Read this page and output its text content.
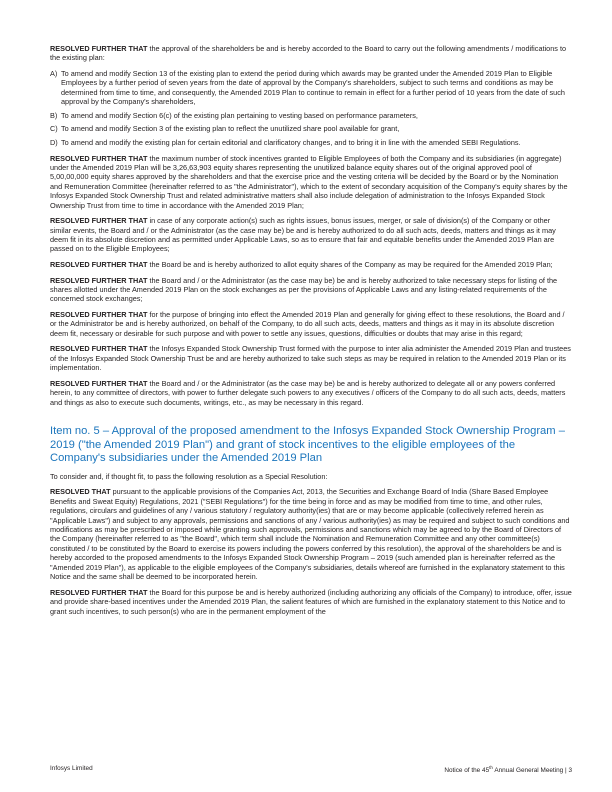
RESOLVED FURTHER THAT the approval of the shareholders be and is hereby accorded to the Board to carry out the following amendments / modifications to the existing plan:

A) To amend and modify Section 13 of the existing plan to extend the period during which awards may be granted under the Amended 2019 Plan to Eligible Employees by a further period of seven years from the date of approval by the Company's shareholders, subject to such terms and conditions as may be determined from time to time, and consequently, the Amended 2019 Plan to continue to remain in effect for a further period of 10 years from the date of such approval by the Company's shareholders,
B) To amend and modify Section 6(c) of the existing plan pertaining to vesting based on performance parameters,
C) To amend and modify Section 3 of the existing plan to reflect the unutilized share pool available for grant,
D) To amend and modify the existing plan for certain editorial and clarificatory changes, and to bring it in line with the amended SEBI Regulations.

RESOLVED FURTHER THAT the maximum number of stock incentives granted to Eligible Employees of both the Company and its subsidiaries (in aggregate) under the Amended 2019 Plan will be 3,26,63,903 equity shares representing the unutilized balance equity shares out of the original approved pool of 5,00,00,000 equity shares approved by the shareholders and that the exercise price and the vesting criteria will be decided by the Board or by the Nomination and Remuneration Committee (hereinafter referred to as "the Administrator"), which to the extent of secondary acquisition of the Company's equity shares by the Infosys Expanded Stock Ownership Trust and related administrative matters shall also include delegation of administration to the Infosys Expanded Stock Ownership Trust from time to time in accordance with the Amended 2019 Plan;

RESOLVED FURTHER THAT in case of any corporate action(s) such as rights issues, bonus issues, merger, or sale of division(s) of the Company or other similar events, the Board and / or the Administrator (as the case may be) be and is hereby authorized to do all such acts, deeds, matters and things as it may deem fit in its absolute discretion and as permitted under Applicable Laws, so as to ensure that fair and equitable benefits under the Amended 2019 Plan are passed on to the Eligible Employees;

RESOLVED FURTHER THAT the Board be and is hereby authorized to allot equity shares of the Company as may be required for the Amended 2019 Plan;

RESOLVED FURTHER THAT the Board and / or the Administrator (as the case may be) be and is hereby authorized to take necessary steps for listing of the shares allotted under the Amended 2019 Plan on the stock exchanges as per the provisions of Applicable Laws and any listing-related requirements of the concerned stock exchanges;

RESOLVED FURTHER THAT for the purpose of bringing into effect the Amended 2019 Plan and generally for giving effect to these resolutions, the Board and / or the Administrator be and is hereby authorized, on behalf of the Company, to do all such acts, deeds, matters and things as it may in its absolute discretion deem fit, necessary or desirable for such purpose and with power to settle any issues, questions, difficulties or doubts that may arise in this regard;

RESOLVED FURTHER THAT the Infosys Expanded Stock Ownership Trust formed with the purpose to inter alia administer the Amended 2019 Plan and trustees of the Infosys Expanded Stock Ownership Trust be and are hereby authorized to take such steps as may be required in relation to the Amended 2019 Plan or its implementation.

RESOLVED FURTHER THAT the Board and / or the Administrator (as the case may be) be and is hereby authorized to delegate all or any powers conferred herein, to any committee of directors, with power to further delegate such powers to any executives / officers of the Company to do all such acts, deeds, matters and things as also to execute such documents, writings, etc., as may be necessary in this regard.

Item no. 5 – Approval of the proposed amendment to the Infosys Expanded Stock Ownership Program – 2019 ("the Amended 2019 Plan") and grant of stock incentives to the eligible employees of the Company's subsidiaries under the Amended 2019 Plan

To consider and, if thought fit, to pass the following resolution as a Special Resolution:

RESOLVED THAT pursuant to the applicable provisions of the Companies Act, 2013, the Securities and Exchange Board of India (Share Based Employee Benefits and Sweat Equity) Regulations, 2021 ("SEBI Regulations") for the time being in force and as may be modified from time to time, and other rules, regulations, circulars and guidelines of any / various statutory / regulatory authority(ies) that are or may become applicable (collectively referred herein as "Applicable Laws") and subject to any approvals, permissions and sanctions of any / various authority(ies) as may be required and subject to such conditions and modifications as may be prescribed or imposed while granting such approvals, permissions and sanctions which may be agreed to by the Board of Directors of the Company (hereinafter referred to as "the Board", which term shall include the Nomination and Remuneration Committee and any other committee(s) constituted / to be constituted by the Board to exercise its powers including the powers conferred by this resolution), the approval of the shareholders be and is hereby accorded to the proposed amendments to the Infosys Expanded Stock Ownership Program – 2019 (such amended plan is hereinafter referred as the "Amended 2019 Plan"), as applicable to the eligible employees of the Company's subsidiaries, details whereof are furnished in the explanatory statement to this Notice and the same shall be deemed to be incorporated herein.

RESOLVED FURTHER THAT the Board for this purpose be and is hereby authorized (including authorizing any officials of the Company) to introduce, offer, issue and provide share-based incentives under the Amended 2019 Plan, the salient features of which are furnished in the explanatory statement to this Notice and to grant such incentives, to such person(s) who are in the permanent employment of the

Infosys Limited	Notice of the 45th Annual General Meeting | 3
